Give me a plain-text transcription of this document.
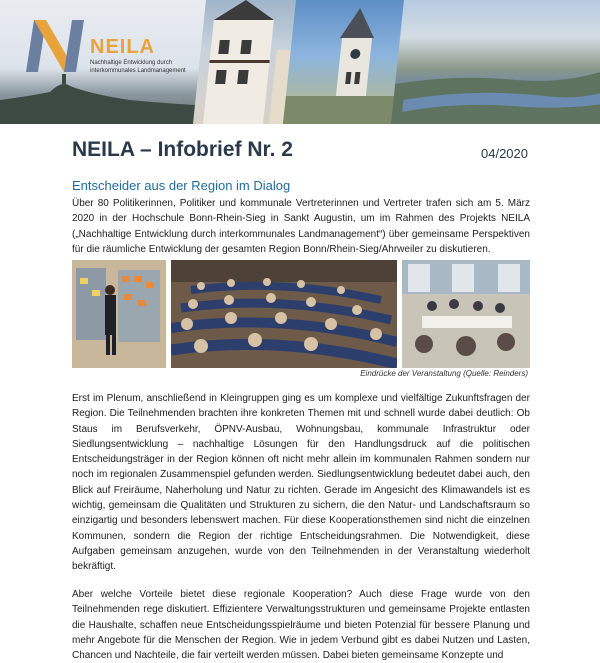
NEILA
Nachhaltige Entwicklung durch interkommunales Landmanagement
NEILA – Infobrief Nr. 2	04/2020
Entscheider aus der Region im Dialog

Über 80 Politikerinnen, Politiker und kommunale Vertreterinnen und Vertreter trafen sich am 5. März 2020 in der Hochschule Bonn-Rhein-Sieg in Sankt Augustin, um im Rahmen des Projekts NEILA („Nachhaltige Entwicklung durch interkommunales Landmanagement“) über gemeinsame Perspektiven für die räumliche Entwicklung der gesamten Region Bonn/Rhein-Sieg/Ahrweiler zu diskutieren.

Eindrücke der Veranstaltung (Quelle: Reinders)

Erst im Plenum, anschließend in Kleingruppen ging es um komplexe und vielfältige Zukunftsfragen der Region. Die Teilnehmenden brachten ihre konkreten Themen mit und schnell wurde dabei deutlich: Ob Staus im Berufsverkehr, ÖPNV-Ausbau, Wohnungsbau, kommunale Infrastruktur oder Siedlungsentwicklung – nachhaltige Lösungen für den Handlungsdruck auf die politischen Entscheidungsträger in der Region können oft nicht mehr allein im kommunalen Rahmen sondern nur noch im regionalen Zusammenspiel gefunden werden. Siedlungsentwicklung bedeutet dabei auch, den Blick auf Freiräume, Naherholung und Natur zu richten. Gerade im Angesicht des Klimawandels ist es wichtig, gemeinsam die Qualitäten und Strukturen zu sichern, die den Natur- und Landschaftsraum so einzigartig und besonders lebenswert machen. Für diese Kooperationsthemen sind nicht die einzelnen Kommunen, sondern die Region der richtige Entscheidungsrahmen. Die Notwendigkeit, diese Aufgaben gemeinsam anzugehen, wurde von den Teilnehmenden in der Veranstaltung wiederholt bekräftigt.

Aber welche Vorteile bietet diese regionale Kooperation? Auch diese Frage wurde von den Teilnehmenden rege diskutiert. Effizientere Verwaltungsstrukturen und gemeinsame Projekte entlasten die Haushalte, schaffen neue Entscheidungsspielräume und bieten Potenzial für bessere Planung und mehr Angebote für die Menschen der Region. Wie in jedem Verbund gibt es dabei Nutzen und Lasten, Chancen und Nachteile, die fair verteilt werden müssen. Dabei bieten gemeinsame Konzepte und
